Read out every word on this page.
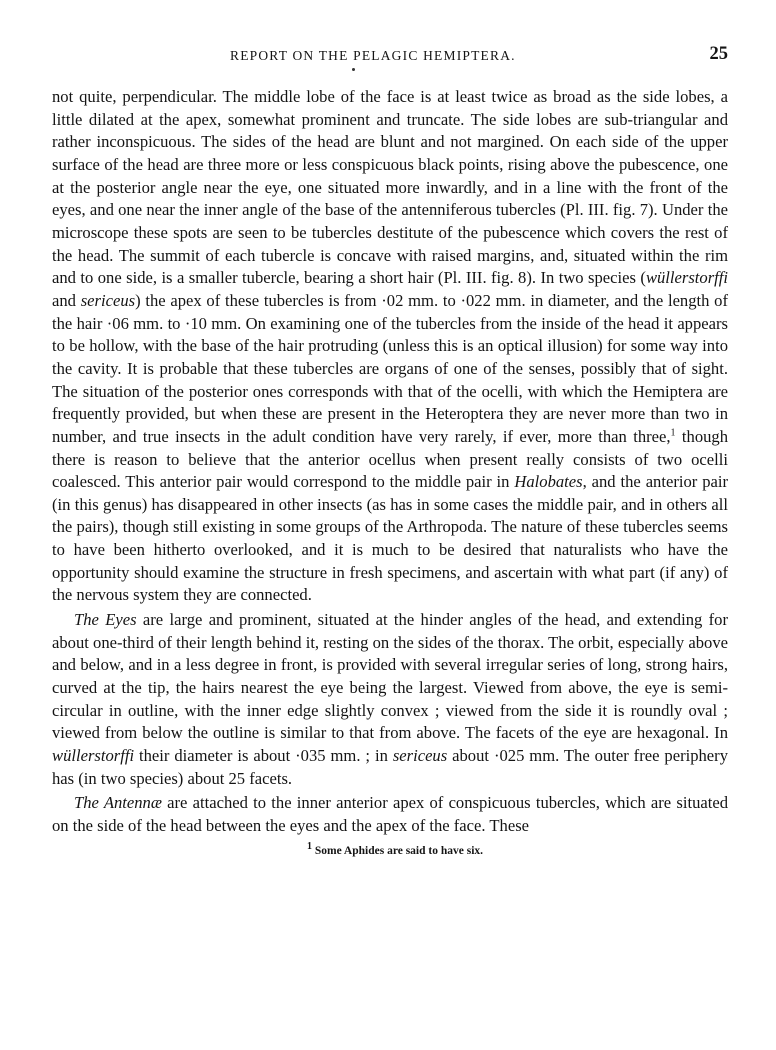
REPORT ON THE PELAGIC HEMIPTERA.	25

not quite, perpendicular. The middle lobe of the face is at least twice as broad as the side lobes, a little dilated at the apex, somewhat prominent and truncate. The side lobes are sub-triangular and rather inconspicuous. The sides of the head are blunt and not margined. On each side of the upper surface of the head are three more or less conspicuous black points, rising above the pubescence, one at the posterior angle near the eye, one situated more inwardly, and in a line with the front of the eyes, and one near the inner angle of the base of the antenniferous tubercles (Pl. III. fig. 7). Under the microscope these spots are seen to be tubercles destitute of the pubescence which covers the rest of the head. The summit of each tubercle is concave with raised margins, and, situated within the rim and to one side, is a smaller tubercle, bearing a short hair (Pl. III. fig. 8). In two species (wüllerstorffi and sericeus) the apex of these tubercles is from ·02 mm. to ·022 mm. in diameter, and the length of the hair ·06 mm. to ·10 mm. On examining one of the tubercles from the inside of the head it appears to be hollow, with the base of the hair protruding (unless this is an optical illusion) for some way into the cavity. It is probable that these tubercles are organs of one of the senses, possibly that of sight. The situation of the posterior ones corresponds with that of the ocelli, with which the Hemiptera are frequently provided, but when these are present in the Heteroptera they are never more than two in number, and true insects in the adult condition have very rarely, if ever, more than three,$^1$ though there is reason to believe that the anterior ocellus when present really consists of two ocelli coalesced. This anterior pair would correspond to the middle pair in Halobates, and the anterior pair (in this genus) has disappeared in other insects (as has in some cases the middle pair, and in others all the pairs), though still existing in some groups of the Arthropoda. The nature of these tubercles seems to have been hitherto overlooked, and it is much to be desired that naturalists who have the opportunity should examine the structure in fresh specimens, and ascertain with what part (if any) of the nervous system they are connected.

The Eyes are large and prominent, situated at the hinder angles of the head, and extending for about one-third of their length behind it, resting on the sides of the thorax. The orbit, especially above and below, and in a less degree in front, is provided with several irregular series of long, strong hairs, curved at the tip, the hairs nearest the eye being the largest. Viewed from above, the eye is semi-circular in outline, with the inner edge slightly convex ; viewed from the side it is roundly oval ; viewed from below the outline is similar to that from above. The facets of the eye are hexagonal. In wüllerstorffi their diameter is about ·035 mm. ; in sericeus about ·025 mm. The outer free periphery has (in two species) about 25 facets.

The Antennæ are attached to the inner anterior apex of conspicuous tubercles, which are situated on the side of the head between the eyes and the apex of the face. These

$^1$ Some Aphides are said to have six.
